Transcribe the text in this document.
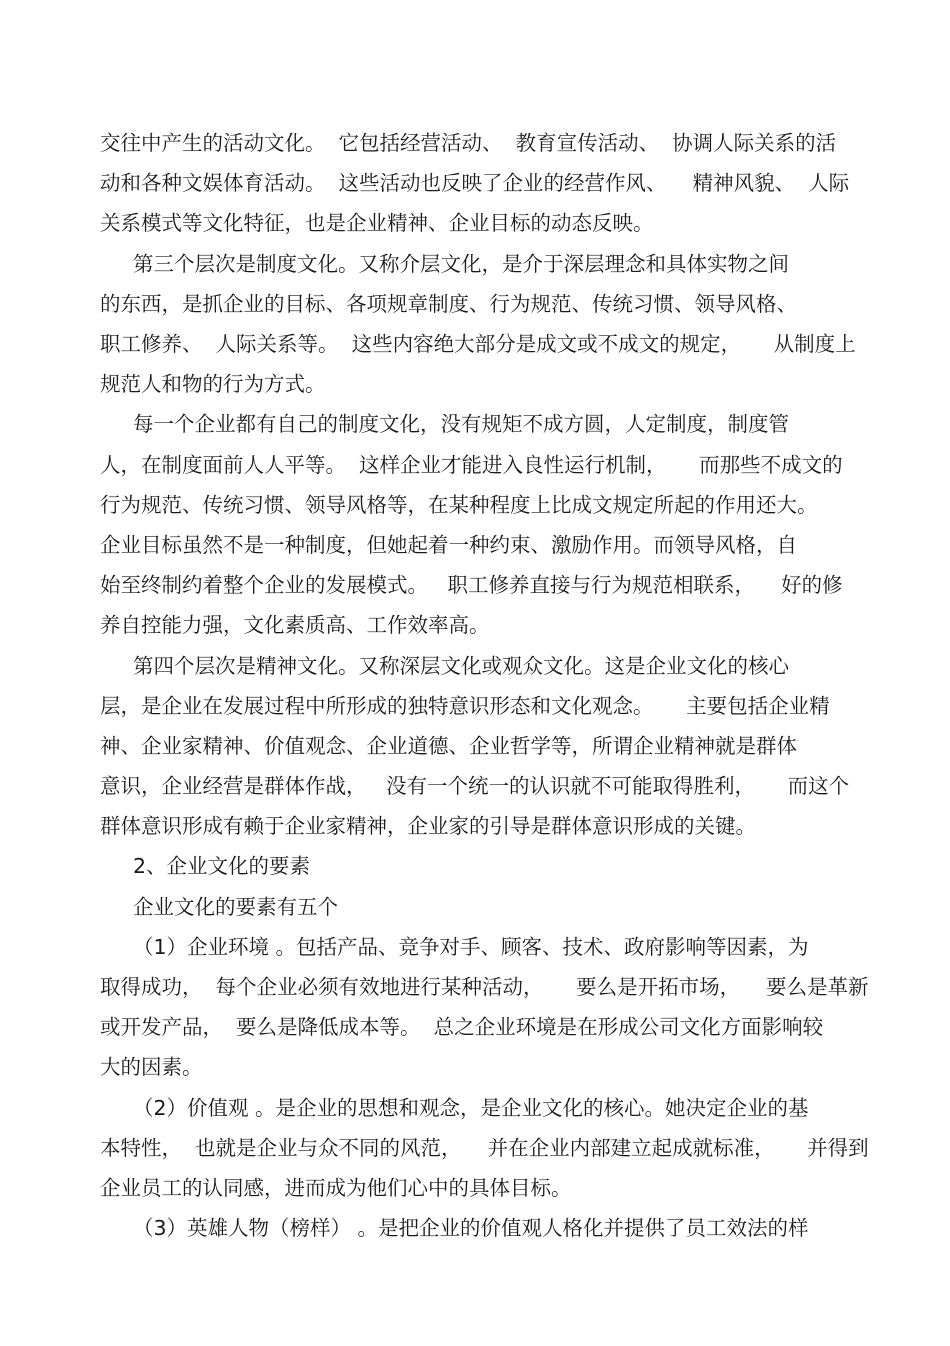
交往中产生的活动文化。  它包括经营活动、  教育宣传活动、  协调人际关系的活
动和各种文娱体育活动。  这些活动也反映了企业的经营作风、    精神风貌、  人际
关系模式等文化特征，也是企业精神、企业目标的动态反映。
第三个层次是制度文化。又称介层文化，是介于深层理念和具体实物之间
的东西，是抓企业的目标、各项规章制度、行为规范、传统习惯、领导风格、
职工修养、  人际关系等。  这些内容绝大部分是成文或不成文的规定，     从制度上
规范人和物的行为方式。
每一个企业都有自己的制度文化，没有规矩不成方圆，人定制度，制度管
人，在制度面前人人平等。  这样企业才能进入良性运行机制，     而那些不成文的
行为规范、传统习惯、领导风格等，在某种程度上比成文规定所起的作用还大。
企业目标虽然不是一种制度，但她起着一种约束、激励作用。而领导风格，自
始至终制约着整个企业的发展模式。   职工修养直接与行为规范相联系，    好的修
养自控能力强，文化素质高、工作效率高。
第四个层次是精神文化。又称深层文化或观众文化。这是企业文化的核心
层，是企业在发展过程中所形成的独特意识形态和文化观念。     主要包括企业精
神、企业家精神、价值观念、企业道德、企业哲学等，所谓企业精神就是群体
意识，企业经营是群体作战，   没有一个统一的认识就不可能取得胜利，     而这个
群体意识形成有赖于企业家精神，企业家的引导是群体意识形成的关键。
2、企业文化的要素
企业文化的要素有五个
（1）企业环境 。包括产品、竞争对手、顾客、技术、政府影响等因素，为
取得成功，  每个企业必须有效地进行某种活动，     要么是开拓市场，    要么是革新
或开发产品，  要么是降低成本等。  总之企业环境是在形成公司文化方面影响较
大的因素。
（2）价值观 。是企业的思想和观念，是企业文化的核心。她决定企业的基
本特性，  也就是企业与众不同的风范，    并在企业内部建立起成就标准，     并得到
企业员工的认同感，进而成为他们心中的具体目标。
（3）英雄人物（榜样） 。是把企业的价值观人格化并提供了员工效法的样
